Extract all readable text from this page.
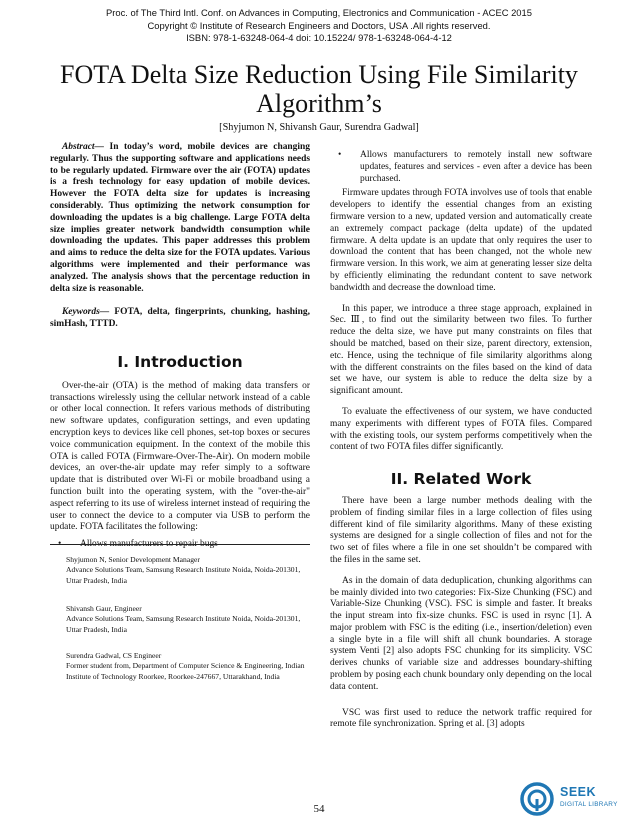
Proc. of The Third Intl. Conf. on Advances in Computing, Electronics and Communication - ACEC 2015
Copyright © Institute of Research Engineers and Doctors, USA .All rights reserved.
ISBN: 978-1-63248-064-4 doi: 10.15224/ 978-1-63248-064-4-12
FOTA Delta Size Reduction Using File Similarity Algorithm’s
[Shyjumon N, Shivansh Gaur, Surendra Gadwal]

Abstract— In today’s word, mobile devices are changing regularly. Thus the supporting software and applications needs to be regularly updated. Firmware over the air (FOTA) updates is a fresh technology for easy updation of mobile devices. However the FOTA delta size for updates is increasing considerably. Thus optimizing the network consumption for downloading the updates is a big challenge. Large FOTA delta size implies greater network bandwidth consumption while downloading the updates. This paper addresses this problem and aims to reduce the delta size for the FOTA updates. Various algorithms were implemented and their performance was analyzed. The analysis shows that the percentage reduction in delta size is reasonable.

Keywords— FOTA, delta, fingerprints, chunking, hashing, simHash, TTTD.

I. Introduction

Over-the-air (OTA) is the method of making data transfers or transactions wirelessly using the cellular network instead of a cable or other local connection. It refers various methods of distributing new software updates, configuration settings, and even updating encryption keys to devices like cell phones, set-top boxes or secures voice communication equipment. In the context of the mobile this OTA is called FOTA (Firmware-Over-The-Air). On modern mobile devices, an over-the-air update may refer simply to a software update that is distributed over Wi-Fi or mobile broadband using a function built into the operating system, with the "over-the-air" aspect referring to its use of wireless internet instead of requiring the user to connect the device to a computer via USB to perform the update. FOTA facilitates the following:

•	Allows manufacturers to repair bugs
Shyjumon N, Senior Development Manager
Advance Solutions Team, Samsung Research Institute Noida, Noida-201301, Uttar Pradesh, India
Shivansh Gaur, Engineer
Advance Solutions Team, Samsung Research Institute Noida, Noida-201301, Uttar Pradesh, India
Surendra Gadwal, CS Engineer
Former student from, Department of Computer Science & Engineering, Indian Institute of Technology Roorkee, Roorkee-247667, Uttarakhand, India
•	Allows manufacturers to remotely install new software updates, features and services - even after a device has been purchased.

Firmware updates through FOTA involves use of tools that enable developers to identify the essential changes from an existing firmware version to a new, updated version and automatically create an extremely compact package (delta update) of the updated firmware. A delta update is an update that only requires the user to download the content that has been changed, not the whole new firmware version. In this work, we aim at generating lesser size delta by efficiently eliminating the redundant content to save network bandwidth and decrease the download time.

In this paper, we introduce a three stage approach, explained in Sec. Ⅲ, to find out the similarity between two files. To further reduce the delta size, we have put many constraints on files that should be matched, based on their size, parent directory, extension, etc. Hence, using the technique of file similarity algorithms along with the different constraints on the files based on the kind of data set we have, our system is able to reduce the delta size by a significant amount.

To evaluate the effectiveness of our system, we have conducted many experiments with different types of FOTA files. Compared with the existing tools, our system performs competitively when the content of two FOTA files differ significantly.

II. Related Work

There have been a large number methods dealing with the problem of finding similar files in a large collection of files using different kind of file similarity algorithms. Many of these existing systems are designed for a single collection of files and not for the two set of files where a file in one set shouldn’t be compared with the files in the same set.

As in the domain of data deduplication, chunking algorithms can be mainly divided into two categories: Fix-Size Chunking (FSC) and Variable-Size Chunking (VSC). FSC is simple and faster. It breaks the input stream into fix-size chunks. FSC is used in rsync [1]. A major problem with FSC is the editing (i.e., insertion/deletion) even a single byte in a file will shift all chunk boundaries. A storage system Venti [2] also adopts FSC chunking for its simplicity. VSC derives chunks of variable size and addresses boundary-shifting problem by posing each chunk boundary only depending on the local data content.

VSC was first used to reduce the network traffic required for remote file synchronization. Spring et al. [3] adopts

54
SEEK
DIGITAL LIBRARY
